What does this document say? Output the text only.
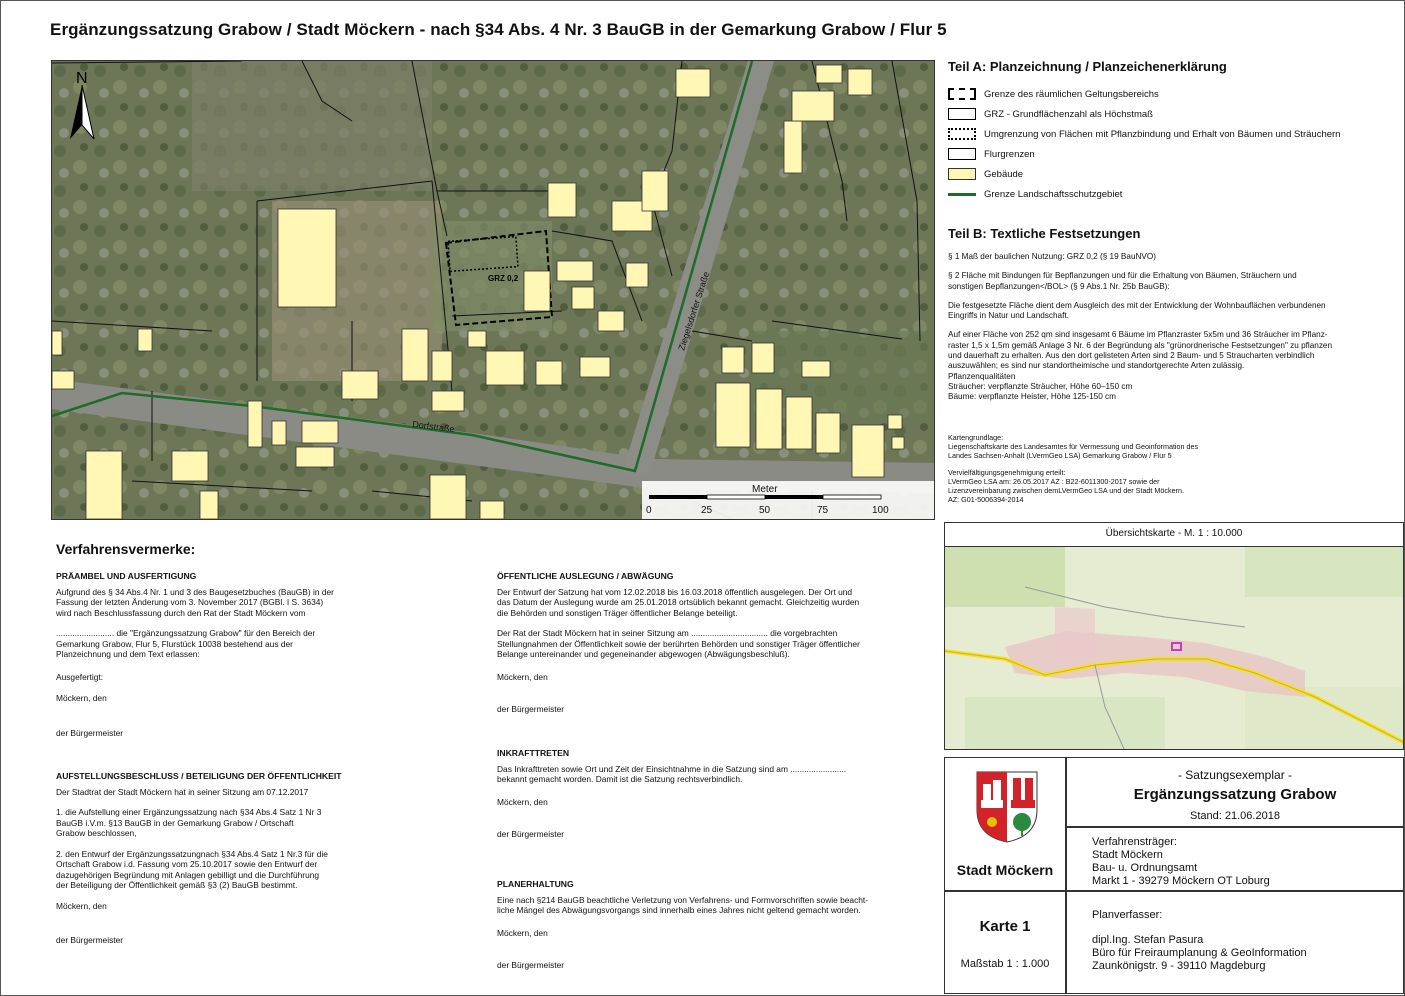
Ergänzungssatzung Grabow / Stadt Möckern - nach §34 Abs. 4 Nr. 3 BauGB in der Gemarkung Grabow / Flur 5
GRZ 0,2
Dorfstraße
Ziegelsdorfer Straße
N
Meter
0	25	50	75	100
Teil A: Planzeichnung / Planzeichenerklärung
Grenze des räumlichen Geltungsbereichs
GRZ - Grundflächenzahl als Höchstmaß
Umgrenzung von Flächen mit Pflanzbindung und Erhalt von Bäumen und Sträuchern
Flurgrenzen
Gebäude
Grenze Landschaftsschutzgebiet
Teil B: Textliche Festsetzungen
§ 1 Maß der baulichen Nutzung: GRZ 0,2 (§ 19 BauNVO)
§ 2 Fläche mit Bindungen für Bepflanzungen und für die Erhaltung von Bäumen, Sträuchern und
sonstigen Bepflanzungen</BOL> (§ 9 Abs.1 Nr. 25b BauGB):
Die festgesetzte Fläche dient dem Ausgleich des mit der Entwicklung der Wohnbauflächen verbundenen
Eingriffs in Natur und Landschaft.
Auf einer Fläche von 252 qm sind insgesamt 6 Bäume im Pflanzraster 5x5m und 36 Sträucher im Pflanz-
raster 1,5 x 1,5m gemäß Anlage 3 Nr. 6 der Begründung als "grünordnerische Festsetzungen" zu pflanzen
und dauerhaft zu erhalten. Aus den dort gelisteten Arten sind 2 Baum- und 5 Straucharten verbindlich
auszuwählen; es sind nur standortheimische und standortgerechte Arten zulässig.
Pflanzenqualitäten
Sträucher: verpflanzte Sträucher, Höhe 60–150 cm
Bäume: verpflanzte Heister, Höhe 125-150 cm
Kartengrundlage:
Liegenschaftskarte des Landesamtes für Vermessung und Geoinformation des
Landes Sachsen-Anhalt (LVermGeo LSA) Gemarkung Grabow / Flur 5
Vervielfältigungsgenehmigung erteilt:
LVermGeo LSA am: 26.05.2017 AZ : B22-6011300-2017 sowie der
Lizenzvereinbarung zwischen demLVermGeo LSA und der Stadt Möckern.
AZ: G01-5006394-2014
Übersichtskarte - M. 1 : 10.000
Verfahrensvermerke:
PRÄAMBEL UND AUSFERTIGUNG
Aufgrund des § 34 Abs.4 Nr. 1 und 3 des Baugesetzbuches (BauGB) in der
Fassung der letzten Änderung vom 3. November 2017 (BGBl. I S. 3634)
wird nach Beschlussfassung durch den Rat der Stadt Möckern vom
......................... die "Ergänzungssatzung Grabow" für den Bereich der
Gemarkung Grabow, Flur 5, Flurstück 10038 bestehend aus der
Planzeichnung und dem Text erlassen:
Ausgefertigt:
Möckern, den
der Bürgermeister
AUFSTELLUNGSBESCHLUSS / BETEILIGUNG DER ÖFFENTLICHKEIT
Der Stadtrat der Stadt Möckern hat in seiner Sitzung am 07.12.2017
1. die Aufstellung einer Ergänzungssatzung nach §34 Abs.4 Satz 1 Nr 3
BauGB i.V.m. §13 BauGB in der Gemarkung Grabow / Ortschaft
Grabow beschlossen,
2. den Entwurf der Ergänzungssatzungnach §34 Abs.4 Satz 1 Nr.3 für die
Ortschaft Grabow i.d. Fassung vom 25.10.2017 sowie den Entwurf der
dazugehörigen Begründung mit Anlagen gebilligt und die Durchführung
der Beteiligung der Öffentlichkeit gemäß §3 (2) BauGB bestimmt.
Möckern, den
der Bürgermeister
ÖFFENTLICHE AUSLEGUNG / ABWÄGUNG
Der Entwurf der Satzung hat vom 12.02.2018 bis 16.03.2018 öffentlich ausgelegen. Der Ort und
das Datum der Auslegung wurde am 25.01.2018 ortsüblich bekannt gemacht. Gleichzeitig wurden
die Behörden und sonstigen Träger öffentlicher Belange beteiligt.
Der Rat der Stadt Möckern hat in seiner Sitzung am ................................. die vorgebrachten
Stellungnahmen der Öffentlichkeit sowie der berührten Behörden und sonstiger Träger öffentlicher
Belange untereinander und gegeneinander abgewogen (Abwägungsbeschluß).
Möckern, den
der Bürgermeister
INKRAFTTRETEN
Das Inkrafttreten sowie Ort und Zeit der Einsichtnahme in die Satzung sind am ........................
bekannt gemacht worden. Damit ist die Satzung rechtsverbindlich.
Möckern, den
der Bürgermeister
PLANERHALTUNG
Eine nach §214 BauGB beachtliche Verletzung von Verfahrens- und Formvorschriften sowie beacht-
liche Mängel des Abwägungsvorgangs sind innerhalb eines Jahres nicht geltend gemacht worden.
Möckern, den
der Bürgermeister
Stadt Möckern
- Satzungsexemplar -
Ergänzungssatzung Grabow
Stand: 21.06.2018
Verfahrensträger:
Stadt Möckern
Bau- u. Ordnungsamt
Markt 1 - 39279 Möckern OT Loburg
Karte 1
Maßstab 1 : 1.000
Planverfasser:
dipl.Ing. Stefan Pasura
Büro für Freiraumplanung & GeoInformation
Zaunkönigstr. 9 - 39110 Magdeburg
